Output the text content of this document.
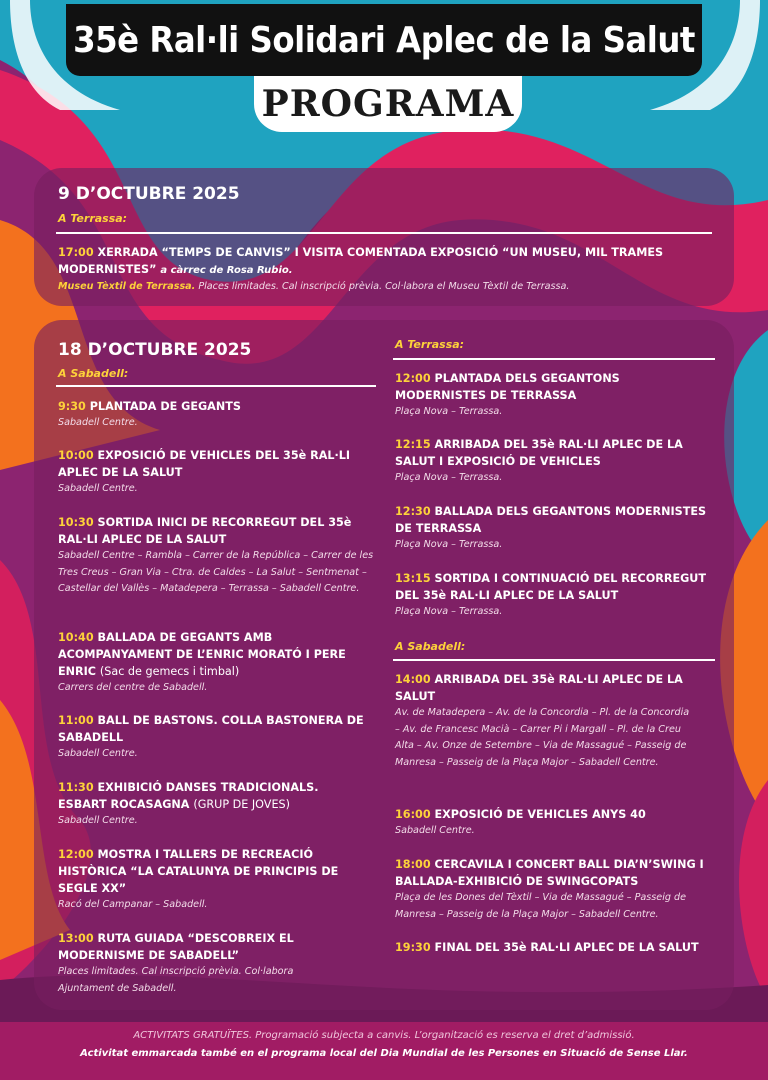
35è Ral·li Solidari Aplec de la Salut
PROGRAMA
9 D’OCTUBRE 2025
A Terrassa:
17:00 XERRADA “TEMPS DE CANVIS” I VISITA COMENTADA EXPOSICIÓ “UN MUSEU, MIL TRAMES MODERNISTES” a càrrec de Rosa Rubio.
Museu Tèxtil de Terrassa. Places limitades. Cal inscripció prèvia. Col·labora el Museu Tèxtil de Terrassa.
18 D’OCTUBRE 2025
A Sabadell:
9:30 PLANTADA DE GEGANTS
Sabadell Centre.
10:00 EXPOSICIÓ DE VEHICLES DEL 35è RAL·LI APLEC DE LA SALUT
Sabadell Centre.
10:30 SORTIDA INICI DE RECORREGUT DEL 35è RAL·LI APLEC DE LA SALUT
Sabadell Centre – Rambla – Carrer de la República – Carrer de les Tres Creus – Gran Via – Ctra. de Caldes – La Salut – Sentmenat – Castellar del Vallès – Matadepera – Terrassa – Sabadell Centre.
10:40 BALLADA DE GEGANTS AMB ACOMPANYAMENT DE L’ENRIC MORATÓ I PERE ENRIC (Sac de gemecs i timbal)
Carrers del centre de Sabadell.
11:00 BALL DE BASTONS. COLLA BASTONERA DE SABADELL
Sabadell Centre.
11:30 EXHIBICIÓ DANSES TRADICIONALS. ESBART ROCASAGNA (GRUP DE JOVES)
Sabadell Centre.
12:00 MOSTRA I TALLERS DE RECREACIÓ HISTÒRICA “LA CATALUNYA DE PRINCIPIS DE SEGLE XX”
Racó del Campanar – Sabadell.
13:00 RUTA GUIADA “DESCOBREIX EL MODERNISME DE SABADELL”
Places limitades. Cal inscripció prèvia. Col·labora Ajuntament de Sabadell.
A Terrassa:
12:00 PLANTADA DELS GEGANTONS MODERNISTES DE TERRASSA
Plaça Nova – Terrassa.
12:15 ARRIBADA DEL 35è RAL·LI APLEC DE LA SALUT I EXPOSICIÓ DE VEHICLES
Plaça Nova – Terrassa.
12:30 BALLADA DELS GEGANTONS MODERNISTES DE TERRASSA
Plaça Nova – Terrassa.
13:15 SORTIDA I CONTINUACIÓ DEL RECORREGUT DEL 35è RAL·LI APLEC DE LA SALUT
Plaça Nova – Terrassa.
A Sabadell:
14:00 ARRIBADA DEL 35è RAL·LI APLEC DE LA SALUT
Av. de Matadepera – Av. de la Concordia – Pl. de la Concordia – Av. de Francesc Macià – Carrer Pi i Margall – Pl. de la Creu Alta – Av. Onze de Setembre – Via de Massagué – Passeig de Manresa – Passeig de la Plaça Major – Sabadell Centre.
16:00 EXPOSICIÓ DE VEHICLES ANYS 40
Sabadell Centre.
18:00 CERCAVILA I CONCERT BALL DIA’N’SWING I BALLADA-EXHIBICIÓ DE SWINGCOPATS
Plaça de les Dones del Tèxtil – Via de Massagué – Passeig de Manresa – Passeig de la Plaça Major – Sabadell Centre.
19:30 FINAL DEL 35è RAL·LI APLEC DE LA SALUT
ACTIVITATS GRATUÏTES. Programació subjecta a canvis. L’organització es reserva el dret d’admissió.
Activitat emmarcada també en el programa local del Dia Mundial de les Persones en Situació de Sense Llar.
